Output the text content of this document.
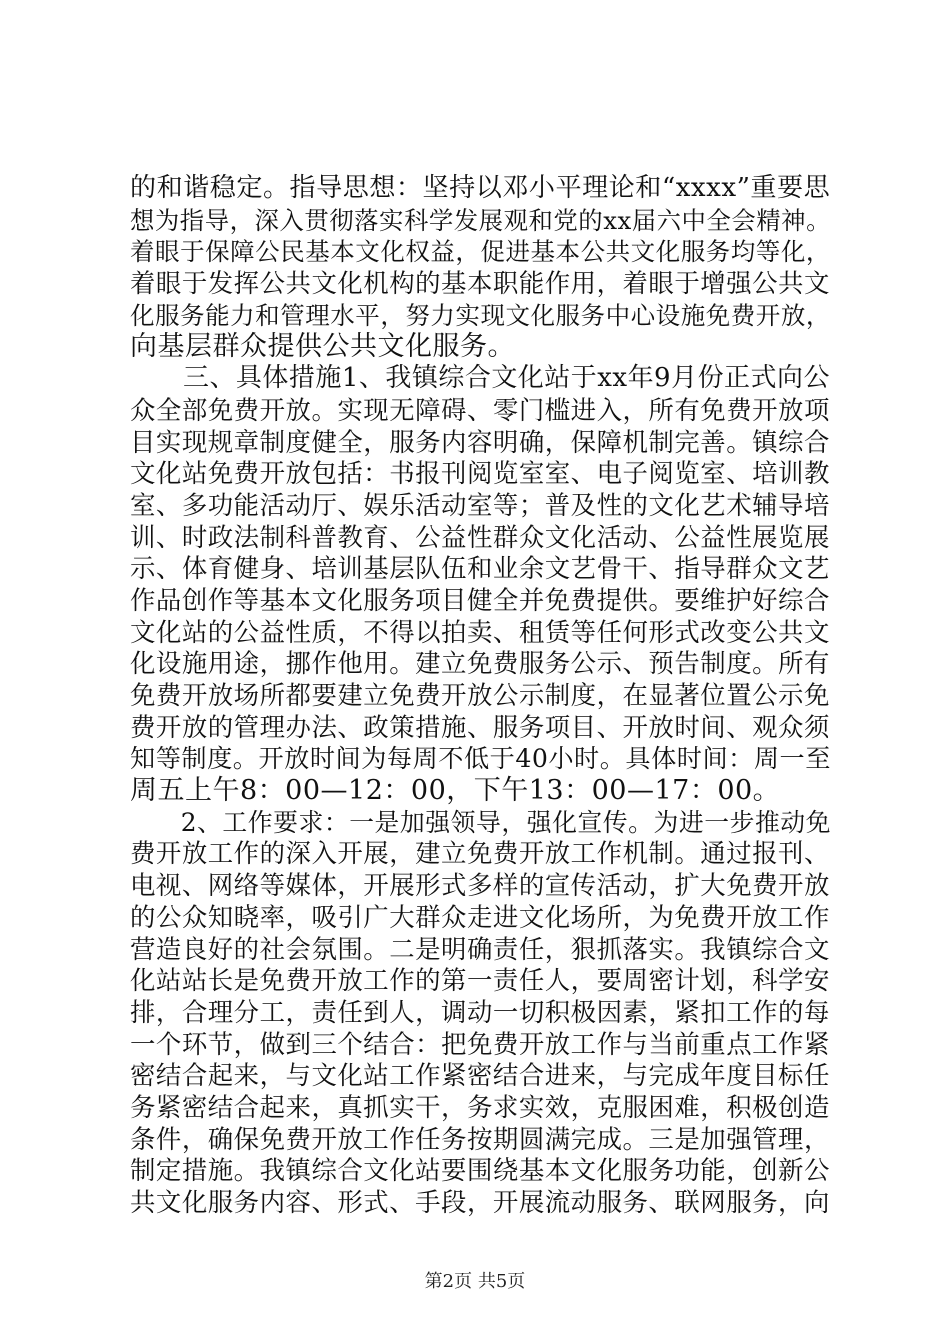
的和谐稳定。指导思想：坚持以邓小平理论和“xxxx”重要思
想为指导，深入贯彻落实科学发展观和党的xx届六中全会精神。
着眼于保障公民基本文化权益，促进基本公共文化服务均等化，
着眼于发挥公共文化机构的基本职能作用，着眼于增强公共文
化服务能力和管理水平，努力实现文化服务中心设施免费开放，
向基层群众提供公共文化服务。
　　三、具体措施1、我镇综合文化站于xx年9月份正式向公
众全部免费开放。实现无障碍、零门槛进入，所有免费开放项
目实现规章制度健全，服务内容明确，保障机制完善。镇综合
文化站免费开放包括：书报刊阅览室室、电子阅览室、培训教
室、多功能活动厅、娱乐活动室等；普及性的文化艺术辅导培
训、时政法制科普教育、公益性群众文化活动、公益性展览展
示、体育健身、培训基层队伍和业余文艺骨干、指导群众文艺
作品创作等基本文化服务项目健全并免费提供。要维护好综合
文化站的公益性质，不得以拍卖、租赁等任何形式改变公共文
化设施用途，挪作他用。建立免费服务公示、预告制度。所有
免费开放场所都要建立免费开放公示制度，在显著位置公示免
费开放的管理办法、政策措施、服务项目、开放时间、观众须
知等制度。开放时间为每周不低于40小时。具体时间：周一至
周五上午8：00—12：00，下午13：00—17：00。
　　2、工作要求：一是加强领导，强化宣传。为进一步推动免
费开放工作的深入开展，建立免费开放工作机制。通过报刊、
电视、网络等媒体，开展形式多样的宣传活动，扩大免费开放
的公众知晓率，吸引广大群众走进文化场所，为免费开放工作
营造良好的社会氛围。二是明确责任，狠抓落实。我镇综合文
化站站长是免费开放工作的第一责任人，要周密计划，科学安
排，合理分工，责任到人，调动一切积极因素，紧扣工作的每
一个环节，做到三个结合：把免费开放工作与当前重点工作紧
密结合起来，与文化站工作紧密结合进来，与完成年度目标任
务紧密结合起来，真抓实干，务求实效，克服困难，积极创造
条件，确保免费开放工作任务按期圆满完成。三是加强管理，
制定措施。我镇综合文化站要围绕基本文化服务功能，创新公
共文化服务内容、形式、手段，开展流动服务、联网服务，向
第2页 共5页
